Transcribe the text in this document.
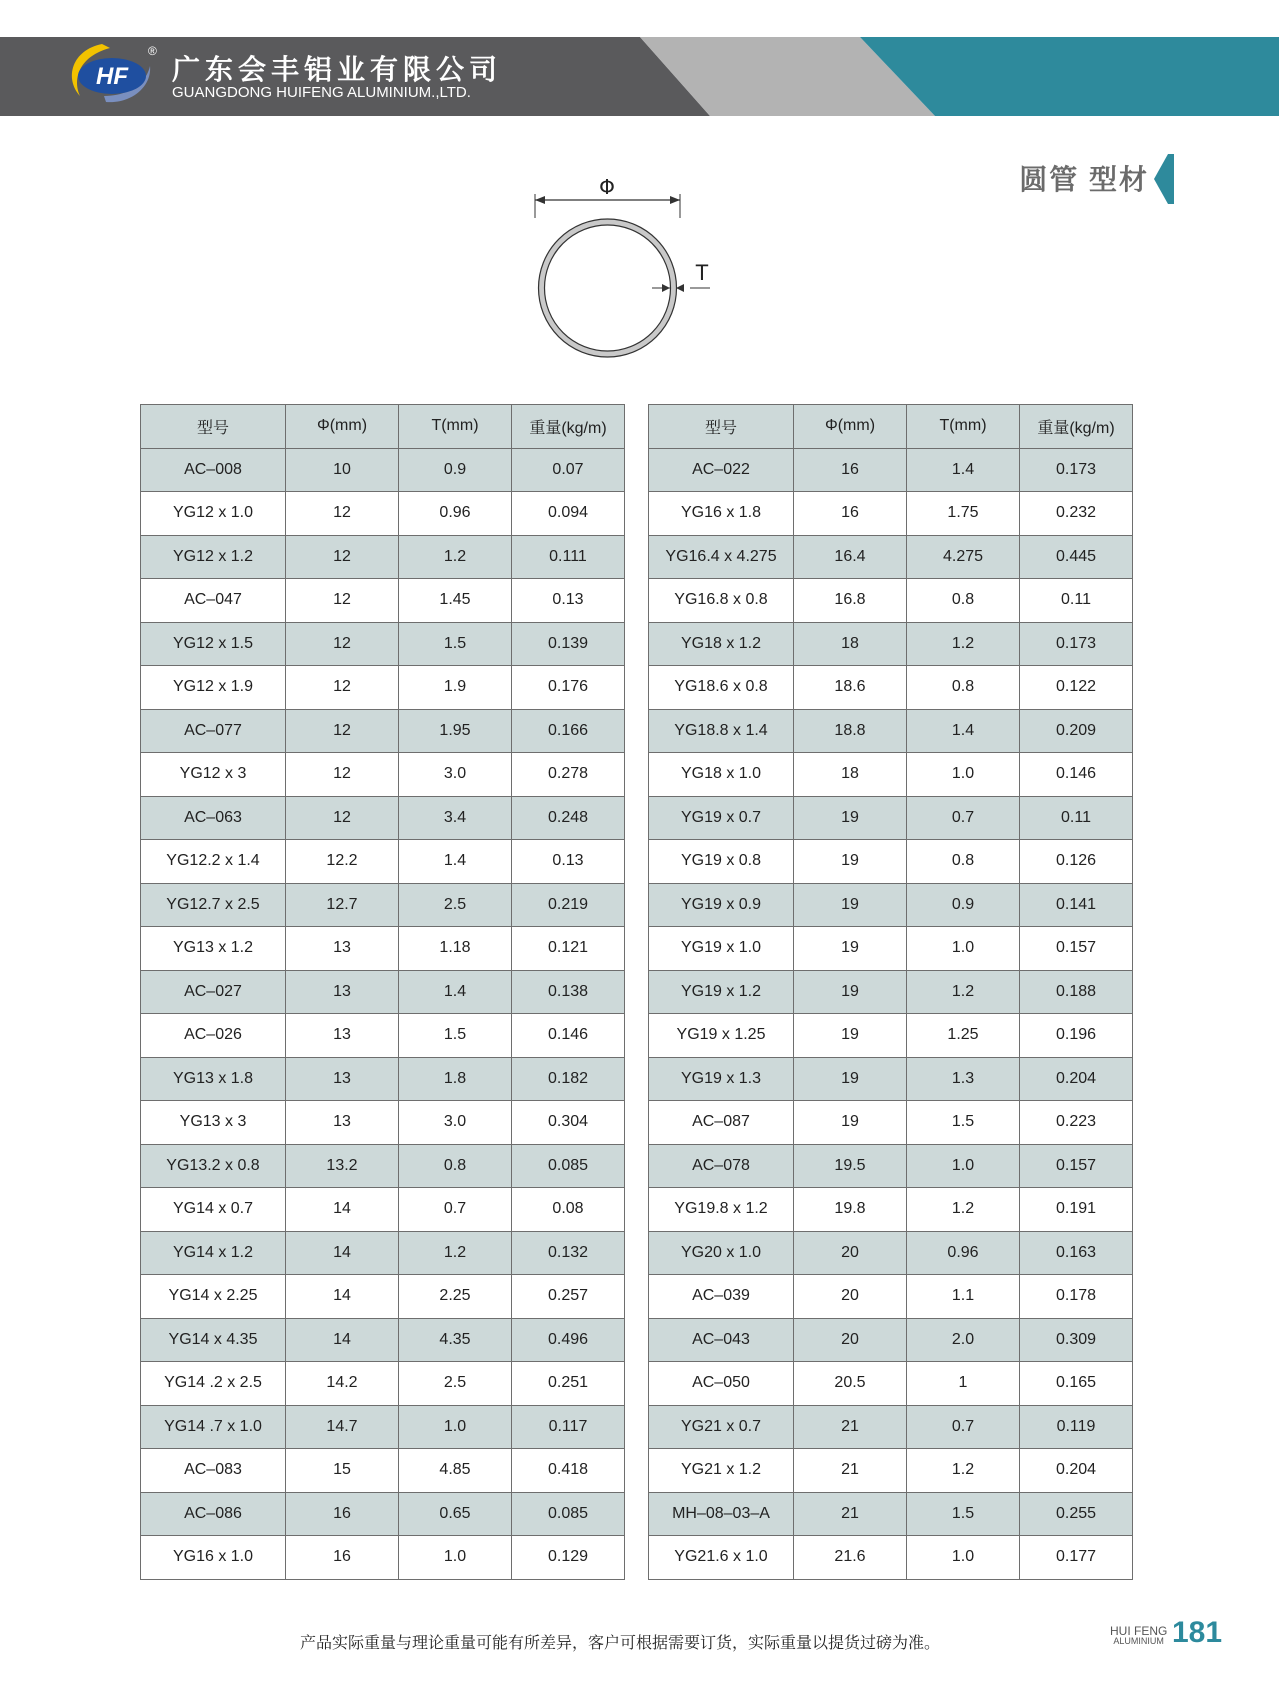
HF
®
广东会丰铝业有限公司
GUANGDONG HUIFENG ALUMINIUM.,LTD.
圆管 型材
Φ
T
型号	Φ(mm)	T(mm)	重量(kg/m)
AC–008	10	0.9	0.07
YG12 x 1.0	12	0.96	0.094
YG12 x 1.2	12	1.2	0.111
AC–047	12	1.45	0.13
YG12 x 1.5	12	1.5	0.139
YG12 x 1.9	12	1.9	0.176
AC–077	12	1.95	0.166
YG12 x 3	12	3.0	0.278
AC–063	12	3.4	0.248
YG12.2 x 1.4	12.2	1.4	0.13
YG12.7 x 2.5	12.7	2.5	0.219
YG13 x 1.2	13	1.18	0.121
AC–027	13	1.4	0.138
AC–026	13	1.5	0.146
YG13 x 1.8	13	1.8	0.182
YG13 x 3	13	3.0	0.304
YG13.2 x 0.8	13.2	0.8	0.085
YG14 x 0.7	14	0.7	0.08
YG14 x 1.2	14	1.2	0.132
YG14 x 2.25	14	2.25	0.257
YG14 x 4.35	14	4.35	0.496
YG14 .2 x 2.5	14.2	2.5	0.251
YG14 .7 x 1.0	14.7	1.0	0.117
AC–083	15	4.85	0.418
AC–086	16	0.65	0.085
YG16 x 1.0	16	1.0	0.129
型号	Φ(mm)	T(mm)	重量(kg/m)
AC–022	16	1.4	0.173
YG16 x 1.8	16	1.75	0.232
YG16.4 x 4.275	16.4	4.275	0.445
YG16.8 x 0.8	16.8	0.8	0.11
YG18 x 1.2	18	1.2	0.173
YG18.6 x 0.8	18.6	0.8	0.122
YG18.8 x 1.4	18.8	1.4	0.209
YG18 x 1.0	18	1.0	0.146
YG19 x 0.7	19	0.7	0.11
YG19 x 0.8	19	0.8	0.126
YG19 x 0.9	19	0.9	0.141
YG19 x 1.0	19	1.0	0.157
YG19 x 1.2	19	1.2	0.188
YG19 x 1.25	19	1.25	0.196
YG19 x 1.3	19	1.3	0.204
AC–087	19	1.5	0.223
AC–078	19.5	1.0	0.157
YG19.8 x 1.2	19.8	1.2	0.191
YG20 x 1.0	20	0.96	0.163
AC–039	20	1.1	0.178
AC–043	20	2.0	0.309
AC–050	20.5	1	0.165
YG21 x 0.7	21	0.7	0.119
YG21 x 1.2	21	1.2	0.204
MH–08–03–A	21	1.5	0.255
YG21.6 x 1.0	21.6	1.0	0.177
产品实际重量与理论重量可能有所差异，客户可根据需要订货，实际重量以提货过磅为准。
HUI FENG
ALUMINIUM 181
